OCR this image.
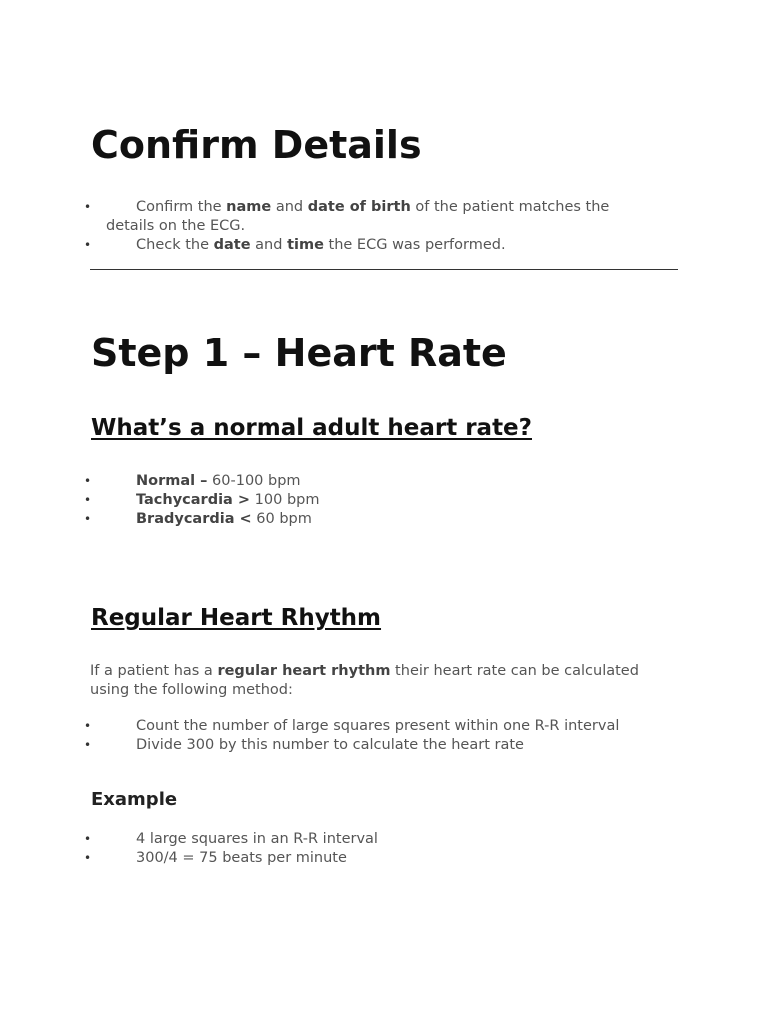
Confirm Details
•	Confirm the name and date of birth of the patient matches the details on the ECG.
•	Check the date and time the ECG was performed.
Step 1 – Heart Rate
What’s a normal adult heart rate?
•	Normal – 60-100 bpm
•	Tachycardia > 100 bpm
•	Bradycardia < 60 bpm
Regular Heart Rhythm

If a patient has a regular heart rhythm their heart rate can be calculated using the following method:

•	Count the number of large squares present within one R-R interval
•	Divide 300 by this number to calculate the heart rate
Example
•	4 large squares in an R-R interval
•	300/4 = 75 beats per minute
